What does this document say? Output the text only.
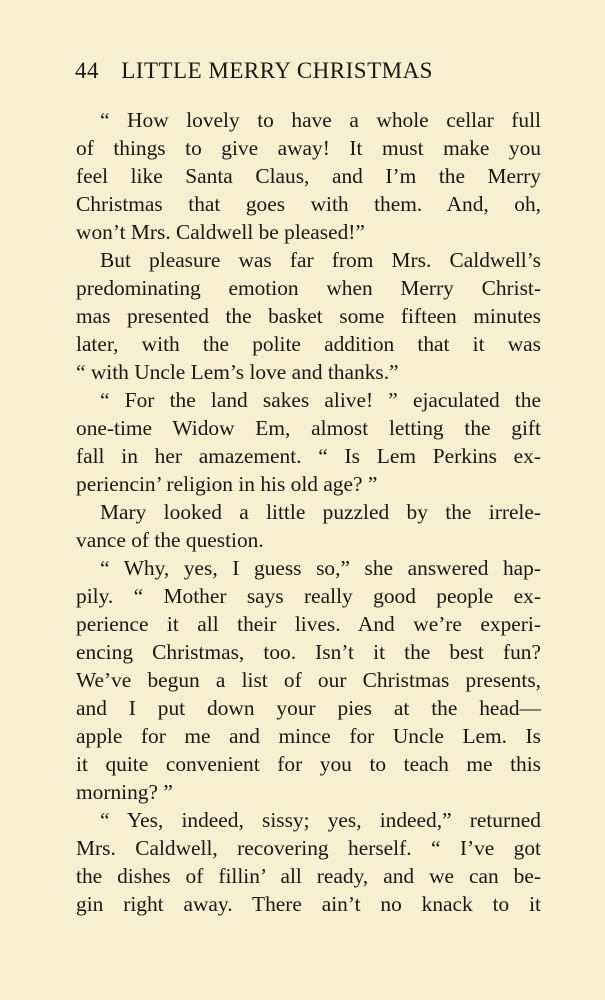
44 LITTLE MERRY CHRISTMAS
“ How lovely to have a whole cellar full
of things to give away! It must make you
feel like Santa Claus, and I’m the Merry
Christmas that goes with them. And, oh,
won’t Mrs. Caldwell be pleased!”
But pleasure was far from Mrs. Caldwell’s
predominating emotion when Merry Christ-
mas presented the basket some fifteen minutes
later, with the polite addition that it was
“ with Uncle Lem’s love and thanks.”
“ For the land sakes alive! ” ejaculated the
one-time Widow Em, almost letting the gift
fall in her amazement. “ Is Lem Perkins ex-
periencin’ religion in his old age? ”
Mary looked a little puzzled by the irrele-
vance of the question.
“ Why, yes, I guess so,” she answered hap-
pily. “ Mother says really good people ex-
perience it all their lives. And we’re experi-
encing Christmas, too. Isn’t it the best fun?
We’ve begun a list of our Christmas presents,
and I put down your pies at the head—
apple for me and mince for Uncle Lem. Is
it quite convenient for you to teach me this
morning? ”
“ Yes, indeed, sissy; yes, indeed,” returned
Mrs. Caldwell, recovering herself. “ I’ve got
the dishes of fillin’ all ready, and we can be-
gin right away. There ain’t no knack to it
